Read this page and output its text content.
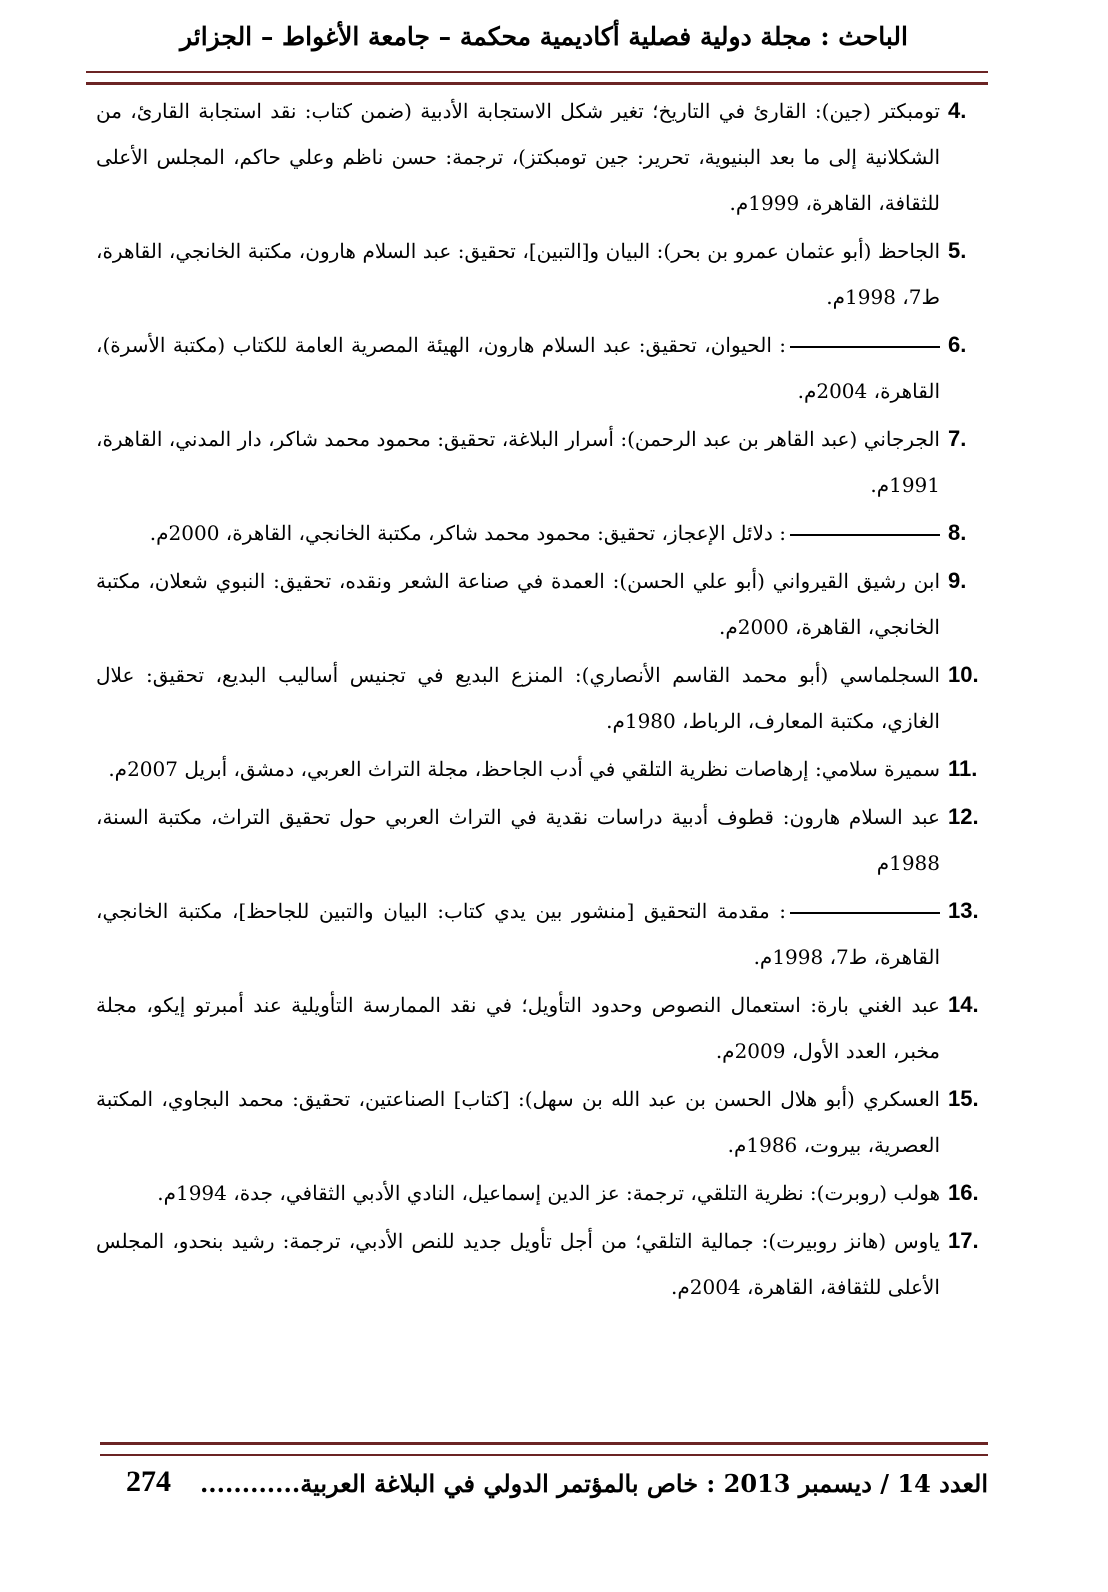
الباحث : مجلة دولية فصلية أكاديمية محكمة – جامعة الأغواط – الجزائر
4.
تومبكتر (جين): القارئ في التاريخ؛ تغير شكل الاستجابة الأدبية (ضمن كتاب: نقد استجابة القارئ، من الشكلانية إلى ما بعد البنيوية، تحرير: جين تومبكتز)، ترجمة: حسن ناظم وعلي حاكم، المجلس الأعلى للثقافة، القاهرة، 1999م.
5.
الجاحظ (أبو عثمان عمرو بن بحر): البيان و[التبين]، تحقيق: عبد السلام هارون، مكتبة الخانجي، القاهرة، ط7، 1998م.
6.
: الحيوان، تحقيق: عبد السلام هارون، الهيئة المصرية العامة للكتاب (مكتبة الأسرة)، القاهرة، 2004م.
7.
الجرجاني (عبد القاهر بن عبد الرحمن): أسرار البلاغة، تحقيق: محمود محمد شاكر، دار المدني، القاهرة، 1991م.
8.
: دلائل الإعجاز، تحقيق: محمود محمد شاكر، مكتبة الخانجي، القاهرة، 2000م.
9.
ابن رشيق القيرواني (أبو علي الحسن): العمدة في صناعة الشعر ونقده، تحقيق: النبوي شعلان، مكتبة الخانجي، القاهرة، 2000م.
10.
السجلماسي (أبو محمد القاسم الأنصاري): المنزع البديع في تجنيس أساليب البديع، تحقيق: علال الغازي، مكتبة المعارف، الرباط، 1980م.
11.
سميرة سلامي: إرهاصات نظرية التلقي في أدب الجاحظ، مجلة التراث العربي، دمشق، أبريل 2007م.
12.
عبد السلام هارون: قطوف أدبية دراسات نقدية في التراث العربي حول تحقيق التراث، مكتبة السنة، 1988م
13.
: مقدمة التحقيق [منشور بين يدي كتاب: البيان والتبين للجاحظ]، مكتبة الخانجي، القاهرة، ط7، 1998م.
14.
عبد الغني بارة: استعمال النصوص وحدود التأويل؛ في نقد الممارسة التأويلية عند أمبرتو إيكو، مجلة مخبر، العدد الأول، 2009م.
15.
العسكري (أبو هلال الحسن بن عبد الله بن سهل): [كتاب] الصناعتين، تحقيق: محمد البجاوي، المكتبة العصرية، بيروت، 1986م.
16.
هولب (روبرت): نظرية التلقي، ترجمة: عز الدين إسماعيل، النادي الأدبي الثقافي، جدة، 1994م.
17.
ياوس (هانز روبيرت): جمالية التلقي؛ من أجل تأويل جديد للنص الأدبي، ترجمة: رشيد بنحدو، المجلس الأعلى للثقافة، القاهرة، 2004م.
العدد 14 / ديسمبر 2013 : خاص بالمؤتمر الدولي في البلاغة العربية............
274
